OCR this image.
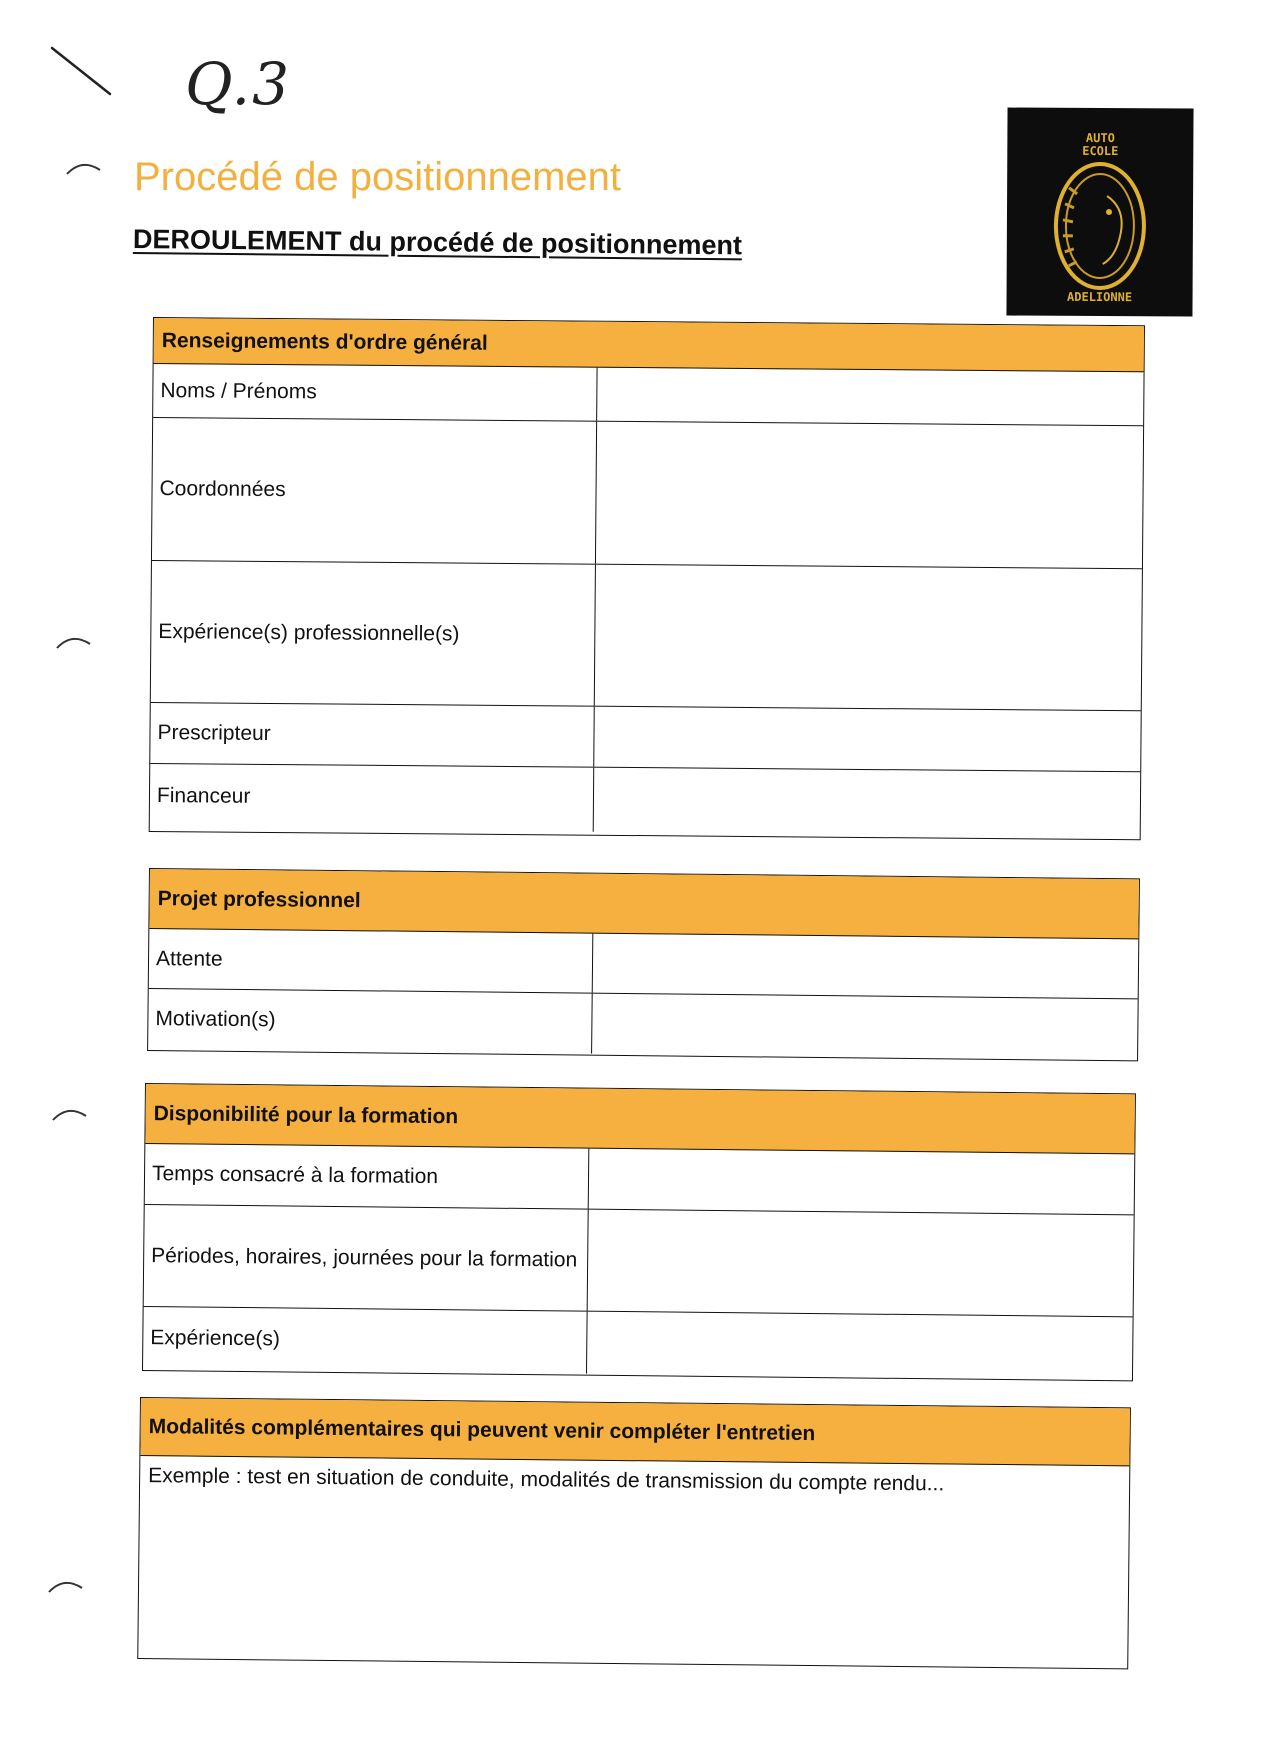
Q.3
Procédé de positionnement
DEROULEMENT du procédé de positionnement
AUTO
ECOLE
ADELIONNE
Renseignements d'ordre général
Noms / Prénoms
Coordonnées
Expérience(s) professionnelle(s)
Prescripteur
Financeur
Projet professionnel
Attente
Motivation(s)
Disponibilité pour la formation
Temps consacré à la formation
Périodes, horaires, journées pour la formation
Expérience(s)
Modalités complémentaires qui peuvent venir compléter l'entretien
Exemple : test en situation de conduite, modalités de transmission du compte rendu...
